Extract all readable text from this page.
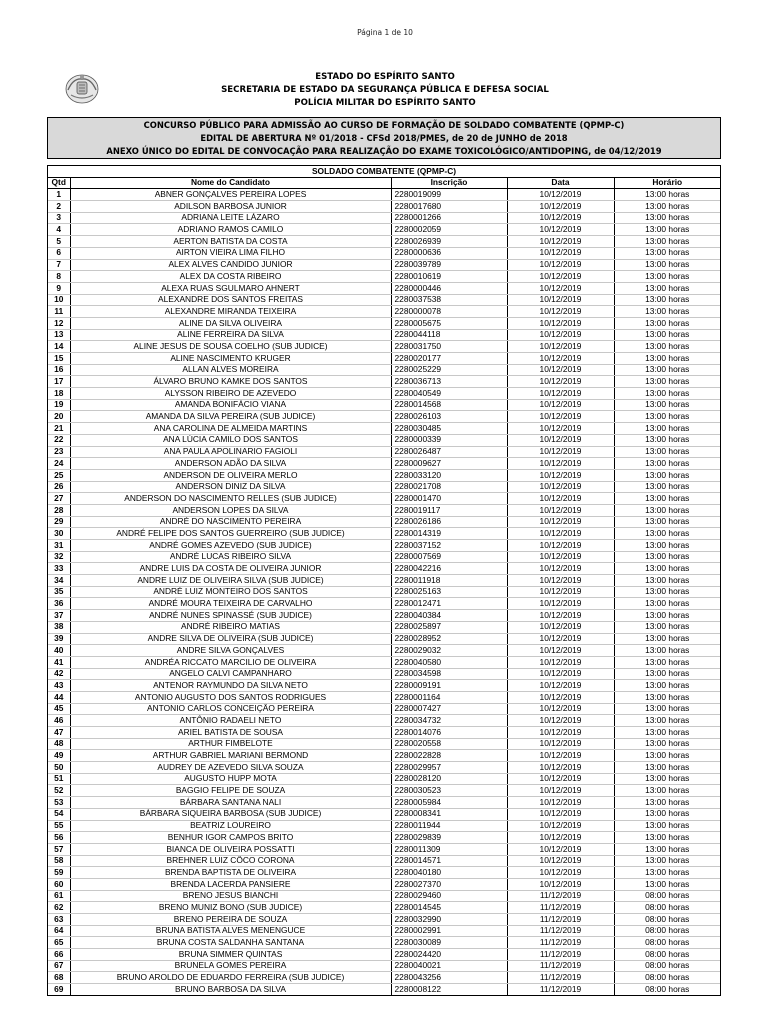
Página 1 de 10
ESTADO DO ESPÍRITO SANTO
SECRETARIA DE ESTADO DA SEGURANÇA PÚBLICA E DEFESA SOCIAL
POLÍCIA MILITAR DO ESPÍRITO SANTO
CONCURSO PÚBLICO PARA ADMISSÃO AO CURSO DE FORMAÇÃO DE SOLDADO COMBATENTE (QPMP-C)
EDITAL DE ABERTURA Nº 01/2018 - CFSd 2018/PMES, de 20 de JUNHO de 2018
ANEXO ÚNICO DO EDITAL DE CONVOCAÇÃO PARA REALIZAÇÃO DO EXAME TOXICOLÓGICO/ANTIDOPING, de 04/12/2019
SOLDADO COMBATENTE (QPMP-C)				
Qtd	Nome do Candidato	Inscrição	Data	Horário
1	ABNER GONÇALVES PEREIRA LOPES	2280019099	10/12/2019	13:00 horas
2	ADILSON BARBOSA JUNIOR	2280017680	10/12/2019	13:00 horas
3	ADRIANA LEITE LÁZARO	2280001266	10/12/2019	13:00 horas
4	ADRIANO RAMOS CAMILO	2280002059	10/12/2019	13:00 horas
5	AERTON BATISTA DA COSTA	2280026939	10/12/2019	13:00 horas
6	AIRTON VIEIRA LIMA FILHO	2280000636	10/12/2019	13:00 horas
7	ALEX ALVES CANDIDO JUNIOR	2280039789	10/12/2019	13:00 horas
8	ALEX DA COSTA RIBEIRO	2280010619	10/12/2019	13:00 horas
9	ALEXA RUAS SGULMARO AHNERT	2280000446	10/12/2019	13:00 horas
10	ALEXANDRE DOS SANTOS FREITAS	2280037538	10/12/2019	13:00 horas
11	ALEXANDRE MIRANDA TEIXEIRA	2280000078	10/12/2019	13:00 horas
12	ALINE DA SILVA OLIVEIRA	2280005675	10/12/2019	13:00 horas
13	ALINE FERREIRA DA SILVA	2280044118	10/12/2019	13:00 horas
14	ALINE JESUS DE SOUSA COELHO (SUB JUDICE)	2280031750	10/12/2019	13:00 horas
15	ALINE NASCIMENTO KRUGER	2280020177	10/12/2019	13:00 horas
16	ALLAN ALVES MOREIRA	2280025229	10/12/2019	13:00 horas
17	ÁLVARO BRUNO KAMKE DOS SANTOS	2280036713	10/12/2019	13:00 horas
18	ALYSSON RIBEIRO DE AZEVEDO	2280040549	10/12/2019	13:00 horas
19	AMANDA BONIFÁCIO VIANA	2280014568	10/12/2019	13:00 horas
20	AMANDA DA SILVA PEREIRA (SUB JUDICE)	2280026103	10/12/2019	13:00 horas
21	ANA CAROLINA DE ALMEIDA MARTINS	2280030485	10/12/2019	13:00 horas
22	ANA LÚCIA CAMILO DOS SANTOS	2280000339	10/12/2019	13:00 horas
23	ANA PAULA APOLINARIO FAGIOLI	2280026487	10/12/2019	13:00 horas
24	ANDERSON ADÃO DA SILVA	2280009627	10/12/2019	13:00 horas
25	ANDERSON DE OLIVEIRA MERLO	2280033120	10/12/2019	13:00 horas
26	ANDERSON DINIZ DA SILVA	2280021708	10/12/2019	13:00 horas
27	ANDERSON DO NASCIMENTO RELLES (SUB JUDICE)	2280001470	10/12/2019	13:00 horas
28	ANDERSON LOPES DA SILVA	2280019117	10/12/2019	13:00 horas
29	ANDRÉ DO NASCIMENTO PEREIRA	2280026186	10/12/2019	13:00 horas
30	ANDRÉ FELIPE DOS SANTOS GUERREIRO (SUB JUDICE)	2280014319	10/12/2019	13:00 horas
31	ANDRÉ GOMES AZEVEDO (SUB JUDICE)	2280037152	10/12/2019	13:00 horas
32	ANDRÉ LUCAS RIBEIRO SILVA	2280007569	10/12/2019	13:00 horas
33	ANDRE LUIS DA COSTA DE OLIVEIRA JUNIOR	2280042216	10/12/2019	13:00 horas
34	ANDRE LUIZ DE OLIVEIRA SILVA (SUB JUDICE)	2280011918	10/12/2019	13:00 horas
35	ANDRÉ LUIZ MONTEIRO DOS SANTOS	2280025163	10/12/2019	13:00 horas
36	ANDRÉ MOURA TEIXEIRA DE CARVALHO	2280012471	10/12/2019	13:00 horas
37	ANDRÉ NUNES SPINASSÉ (SUB JUDICE)	2280040384	10/12/2019	13:00 horas
38	ANDRÉ RIBEIRO MATIAS	2280025897	10/12/2019	13:00 horas
39	ANDRE SILVA DE OLIVEIRA (SUB JUDICE)	2280028952	10/12/2019	13:00 horas
40	ANDRE SILVA GONÇALVES	2280029032	10/12/2019	13:00 horas
41	ANDRÉA RICCATO MARCILIO DE OLIVEIRA	2280040580	10/12/2019	13:00 horas
42	ANGELO CALVI CAMPANHARO	2280034598	10/12/2019	13:00 horas
43	ANTENOR RAYMUNDO DA SILVA NETO	2280009191	10/12/2019	13:00 horas
44	ANTONIO AUGUSTO DOS SANTOS RODRIGUES	2280001164	10/12/2019	13:00 horas
45	ANTONIO CARLOS CONCEIÇÃO PEREIRA	2280007427	10/12/2019	13:00 horas
46	ANTÔNIO RADAELI NETO	2280034732	10/12/2019	13:00 horas
47	ARIEL BATISTA DE SOUSA	2280014076	10/12/2019	13:00 horas
48	ARTHUR FIMBELOTE	2280020558	10/12/2019	13:00 horas
49	ARTHUR GABRIEL MARIANI BERMOND	2280022828	10/12/2019	13:00 horas
50	AUDREY DE AZEVEDO SILVA SOUZA	2280029957	10/12/2019	13:00 horas
51	AUGUSTO HUPP MOTA	2280028120	10/12/2019	13:00 horas
52	BAGGIO FELIPE DE SOUZA	2280030523	10/12/2019	13:00 horas
53	BÁRBARA SANTANA NALI	2280005984	10/12/2019	13:00 horas
54	BÁRBARA SIQUEIRA BARBOSA (SUB JUDICE)	2280008341	10/12/2019	13:00 horas
55	BEATRIZ LOUREIRO	2280011944	10/12/2019	13:00 horas
56	BENHUR IGOR CAMPOS BRITO	2280029839	10/12/2019	13:00 horas
57	BIANCA DE OLIVEIRA POSSATTI	2280011309	10/12/2019	13:00 horas
58	BREHNER LUIZ CÔCO CORONA	2280014571	10/12/2019	13:00 horas
59	BRENDA BAPTISTA DE OLIVEIRA	2280040180	10/12/2019	13:00 horas
60	BRENDA LACERDA PANSIERE	2280027370	10/12/2019	13:00 horas
61	BRENO JESUS BIANCHI	2280029460	11/12/2019	08:00 horas
62	BRENO MUNIZ BONO (SUB JUDICE)	2280014545	11/12/2019	08:00 horas
63	BRENO PEREIRA DE SOUZA	2280032990	11/12/2019	08:00 horas
64	BRUNA BATISTA ALVES MENENGUCE	2280002991	11/12/2019	08:00 horas
65	BRUNA COSTA SALDANHA SANTANA	2280030089	11/12/2019	08:00 horas
66	BRUNA SIMMER QUINTAS	2280024420	11/12/2019	08:00 horas
67	BRUNELA GOMES PEREIRA	2280040021	11/12/2019	08:00 horas
68	BRUNO AROLDO DE EDUARDO FERREIRA (SUB JUDICE)	2280043256	11/12/2019	08:00 horas
69	BRUNO BARBOSA DA SILVA	2280008122	11/12/2019	08:00 horas
